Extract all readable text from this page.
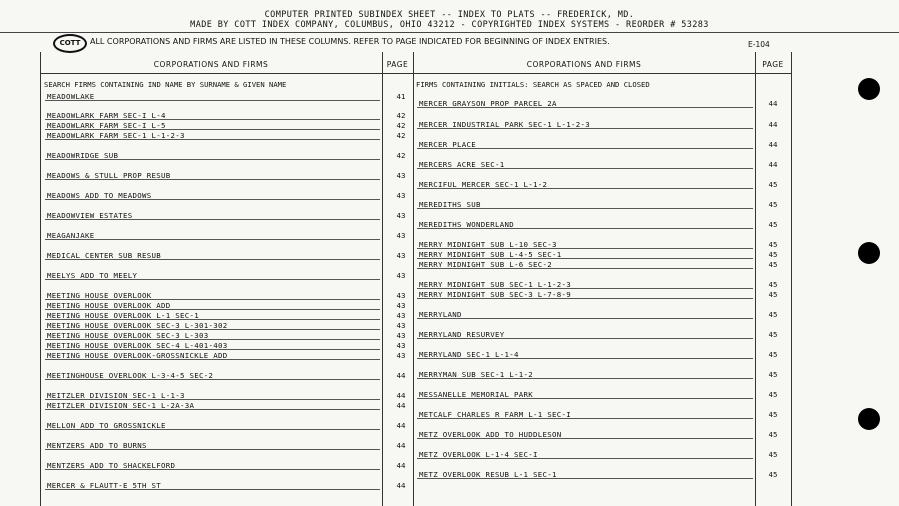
COMPUTER PRINTED SUBINDEX SHEET -- INDEX TO PLATS -- FREDERICK, MD.
MADE BY COTT INDEX COMPANY, COLUMBUS, OHIO 43212 - COPYRIGHTED INDEX SYSTEMS - REORDER # 53283
COTT	ALL CORPORATIONS AND FIRMS ARE LISTED IN THESE COLUMNS. REFER TO PAGE INDICATED FOR BEGINNING OF INDEX ENTRIES.	E-104
CORPORATIONS AND FIRMS	PAGE	CORPORATIONS AND FIRMS	PAGE
SEARCH FIRMS CONTAINING IND NAME BY SURNAME & GIVEN NAME	FIRMS CONTAINING INITIALS: SEARCH AS SPACED AND CLOSED
MEADOWLAKE	41
MEADOWLARK FARM SEC-I L-4	42
MEADOWLARK FARM SEC-I L-5	42
MEADOWLARK FARM SEC-1 L-1-2-3	42
MEADOWRIDGE SUB	42
MEADOWS & STULL PROP RESUB	43
MEADOWS ADD TO MEADOWS	43
MEADOWVIEW ESTATES	43
MEAGANJAKE	43
MEDICAL CENTER SUB RESUB	43
MEELYS ADD TO MEELY	43
MEETING HOUSE OVERLOOK	43
MEETING HOUSE OVERLOOK ADD	43
MEETING HOUSE OVERLOOK L-1 SEC-1	43
MEETING HOUSE OVERLOOK SEC-3 L-301-302	43
MEETING HOUSE OVERLOOK SEC-3 L-303	43
MEETING HOUSE OVERLOOK SEC-4 L-401-403	43
MEETING HOUSE OVERLOOK-GROSSNICKLE ADD	43
MEETINGHOUSE OVERLOOK L-3-4-5 SEC-2	44
MEITZLER DIVISION SEC-1 L-1-3	44
MEITZLER DIVISION SEC-1 L-2A-3A	44
MELLON ADD TO GROSSNICKLE	44
MENTZERS ADD TO BURNS	44
MENTZERS ADD TO SHACKELFORD	44
MERCER & FLAUTT-E 5TH ST	44
MERCER GRAYSON PROP PARCEL 2A	44
MERCER INDUSTRIAL PARK SEC-1 L-1-2-3	44
MERCER PLACE	44
MERCERS ACRE SEC-1	44
MERCIFUL MERCER SEC-1 L-1-2	45
MEREDITHS SUB	45
MEREDITHS WONDERLAND	45
MERRY MIDNIGHT SUB L-10 SEC-3	45
MERRY MIDNIGHT SUB L-4-5 SEC-1	45
MERRY MIDNIGHT SUB L-6 SEC-2	45
MERRY MIDNIGHT SUB SEC-1 L-1-2-3	45
MERRY MIDNIGHT SUB SEC-3 L-7-8-9	45
MERRYLAND	45
MERRYLAND RESURVEY	45
MERRYLAND SEC-1 L-1-4	45
MERRYMAN SUB SEC-1 L-1-2	45
MESSANELLE MEMORIAL PARK	45
METCALF CHARLES R FARM L-1 SEC-I	45
METZ OVERLOOK ADD TO HUDDLESON	45
METZ OVERLOOK L-1-4 SEC-I	45
METZ OVERLOOK RESUB L-1 SEC-1	45
